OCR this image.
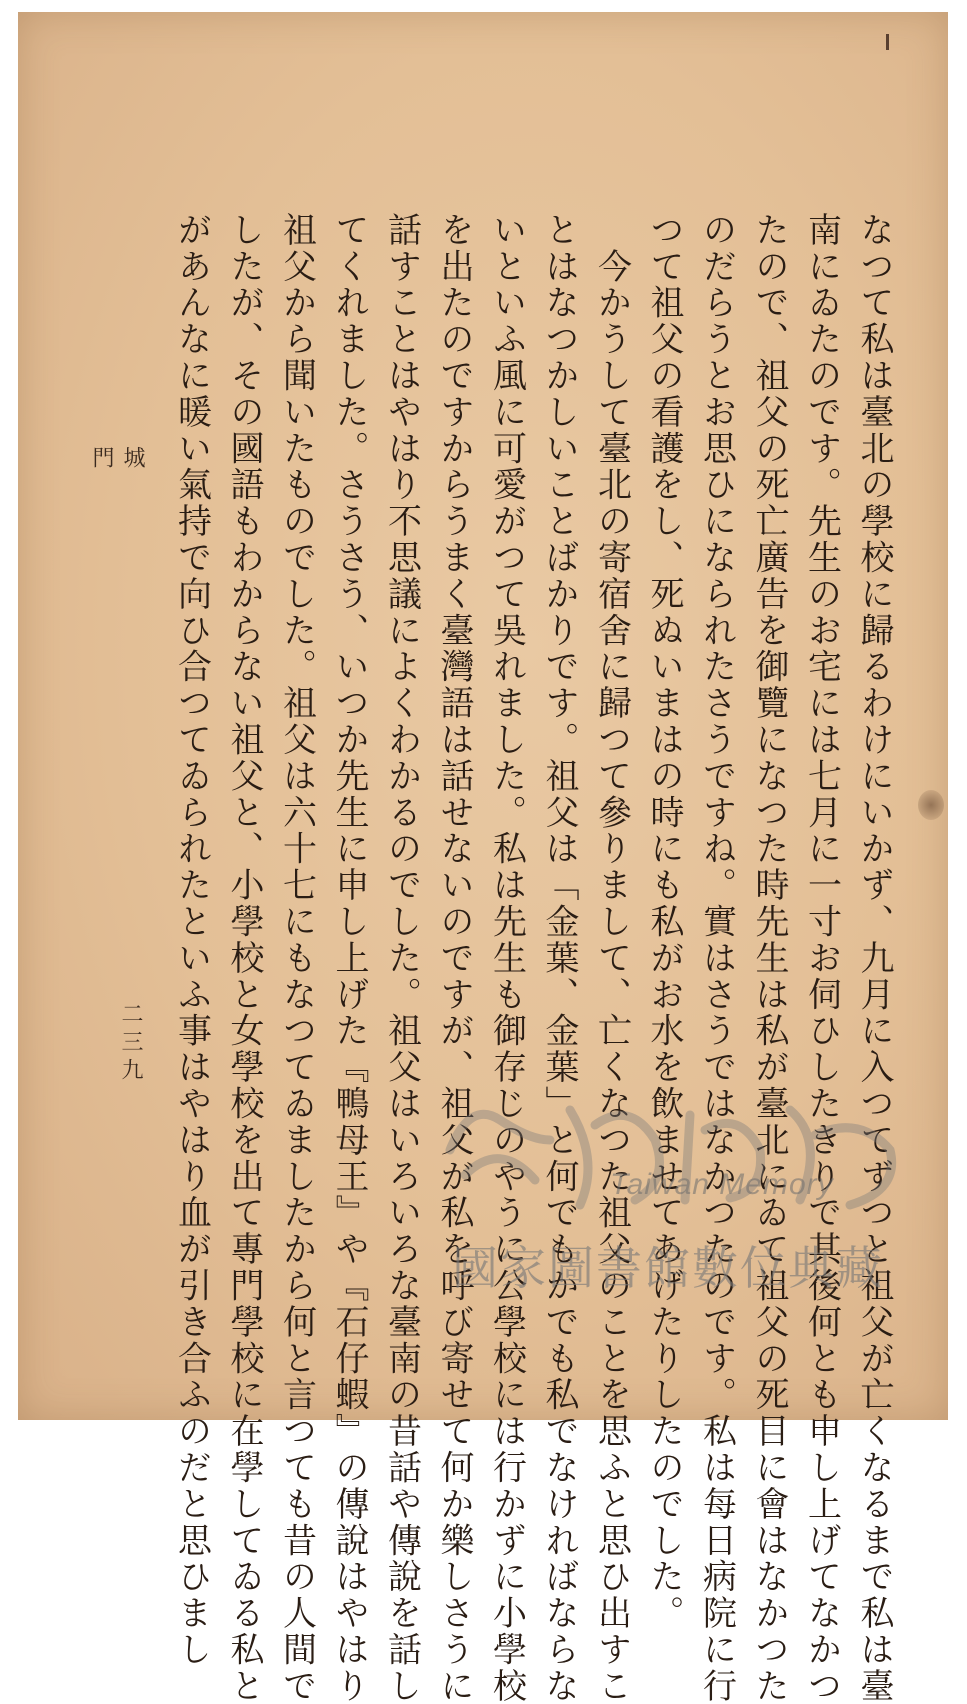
なつて私は臺北の學校に歸るわけにいかず、九月に入つてずつと祖父が亡くなるまで私は臺
南にゐたのです。先生のお宅には七月に一寸お伺ひしたきりで其後何とも申し上げてなかつ
たので、祖父の死亡廣告を御覽になつた時先生は私が臺北にゐて祖父の死目に會はなかつた
のだらうとお思ひになられたさうですね。實はさうではなかつたのです。私は每日病院に行
つて祖父の看護をし、死ぬいまはの時にも私がお水を飲ませてあげたりしたのでした。
　今かうして臺北の寄宿舍に歸つて參りまして、亡くなつた祖父のことを思ふと思ひ出すこ
とはなつかしいことばかりです。祖父は「金葉、金葉」と何でもかでも私でなければならな
いといふ風に可愛がつて吳れました。私は先生も御存じのやうに公學校には行かずに小學校
を出たのですからうまく臺灣語は話せないのですが、祖父が私を呼び寄せて何か樂しさうに
話すことはやはり不思議によくわかるのでした。祖父はいろいろな臺南の昔話や傳說を話し
てくれました。さうさう、いつか先生に申し上げた『鴨母王』や『石仔蝦』の傳說はやはり
祖父から聞いたものでした。祖父は六十七にもなつてゐましたから何と言つても昔の人間で
したが、その國語もわからない祖父と、小學校と女學校を出て專門學校に在學してゐる私と
があんなに暖い氣持で向ひ合つてゐられたといふ事はやはり血が引き合ふのだと思ひまし
城　門
二三九
Taiwan Memory
國家圖書館數位典藏
